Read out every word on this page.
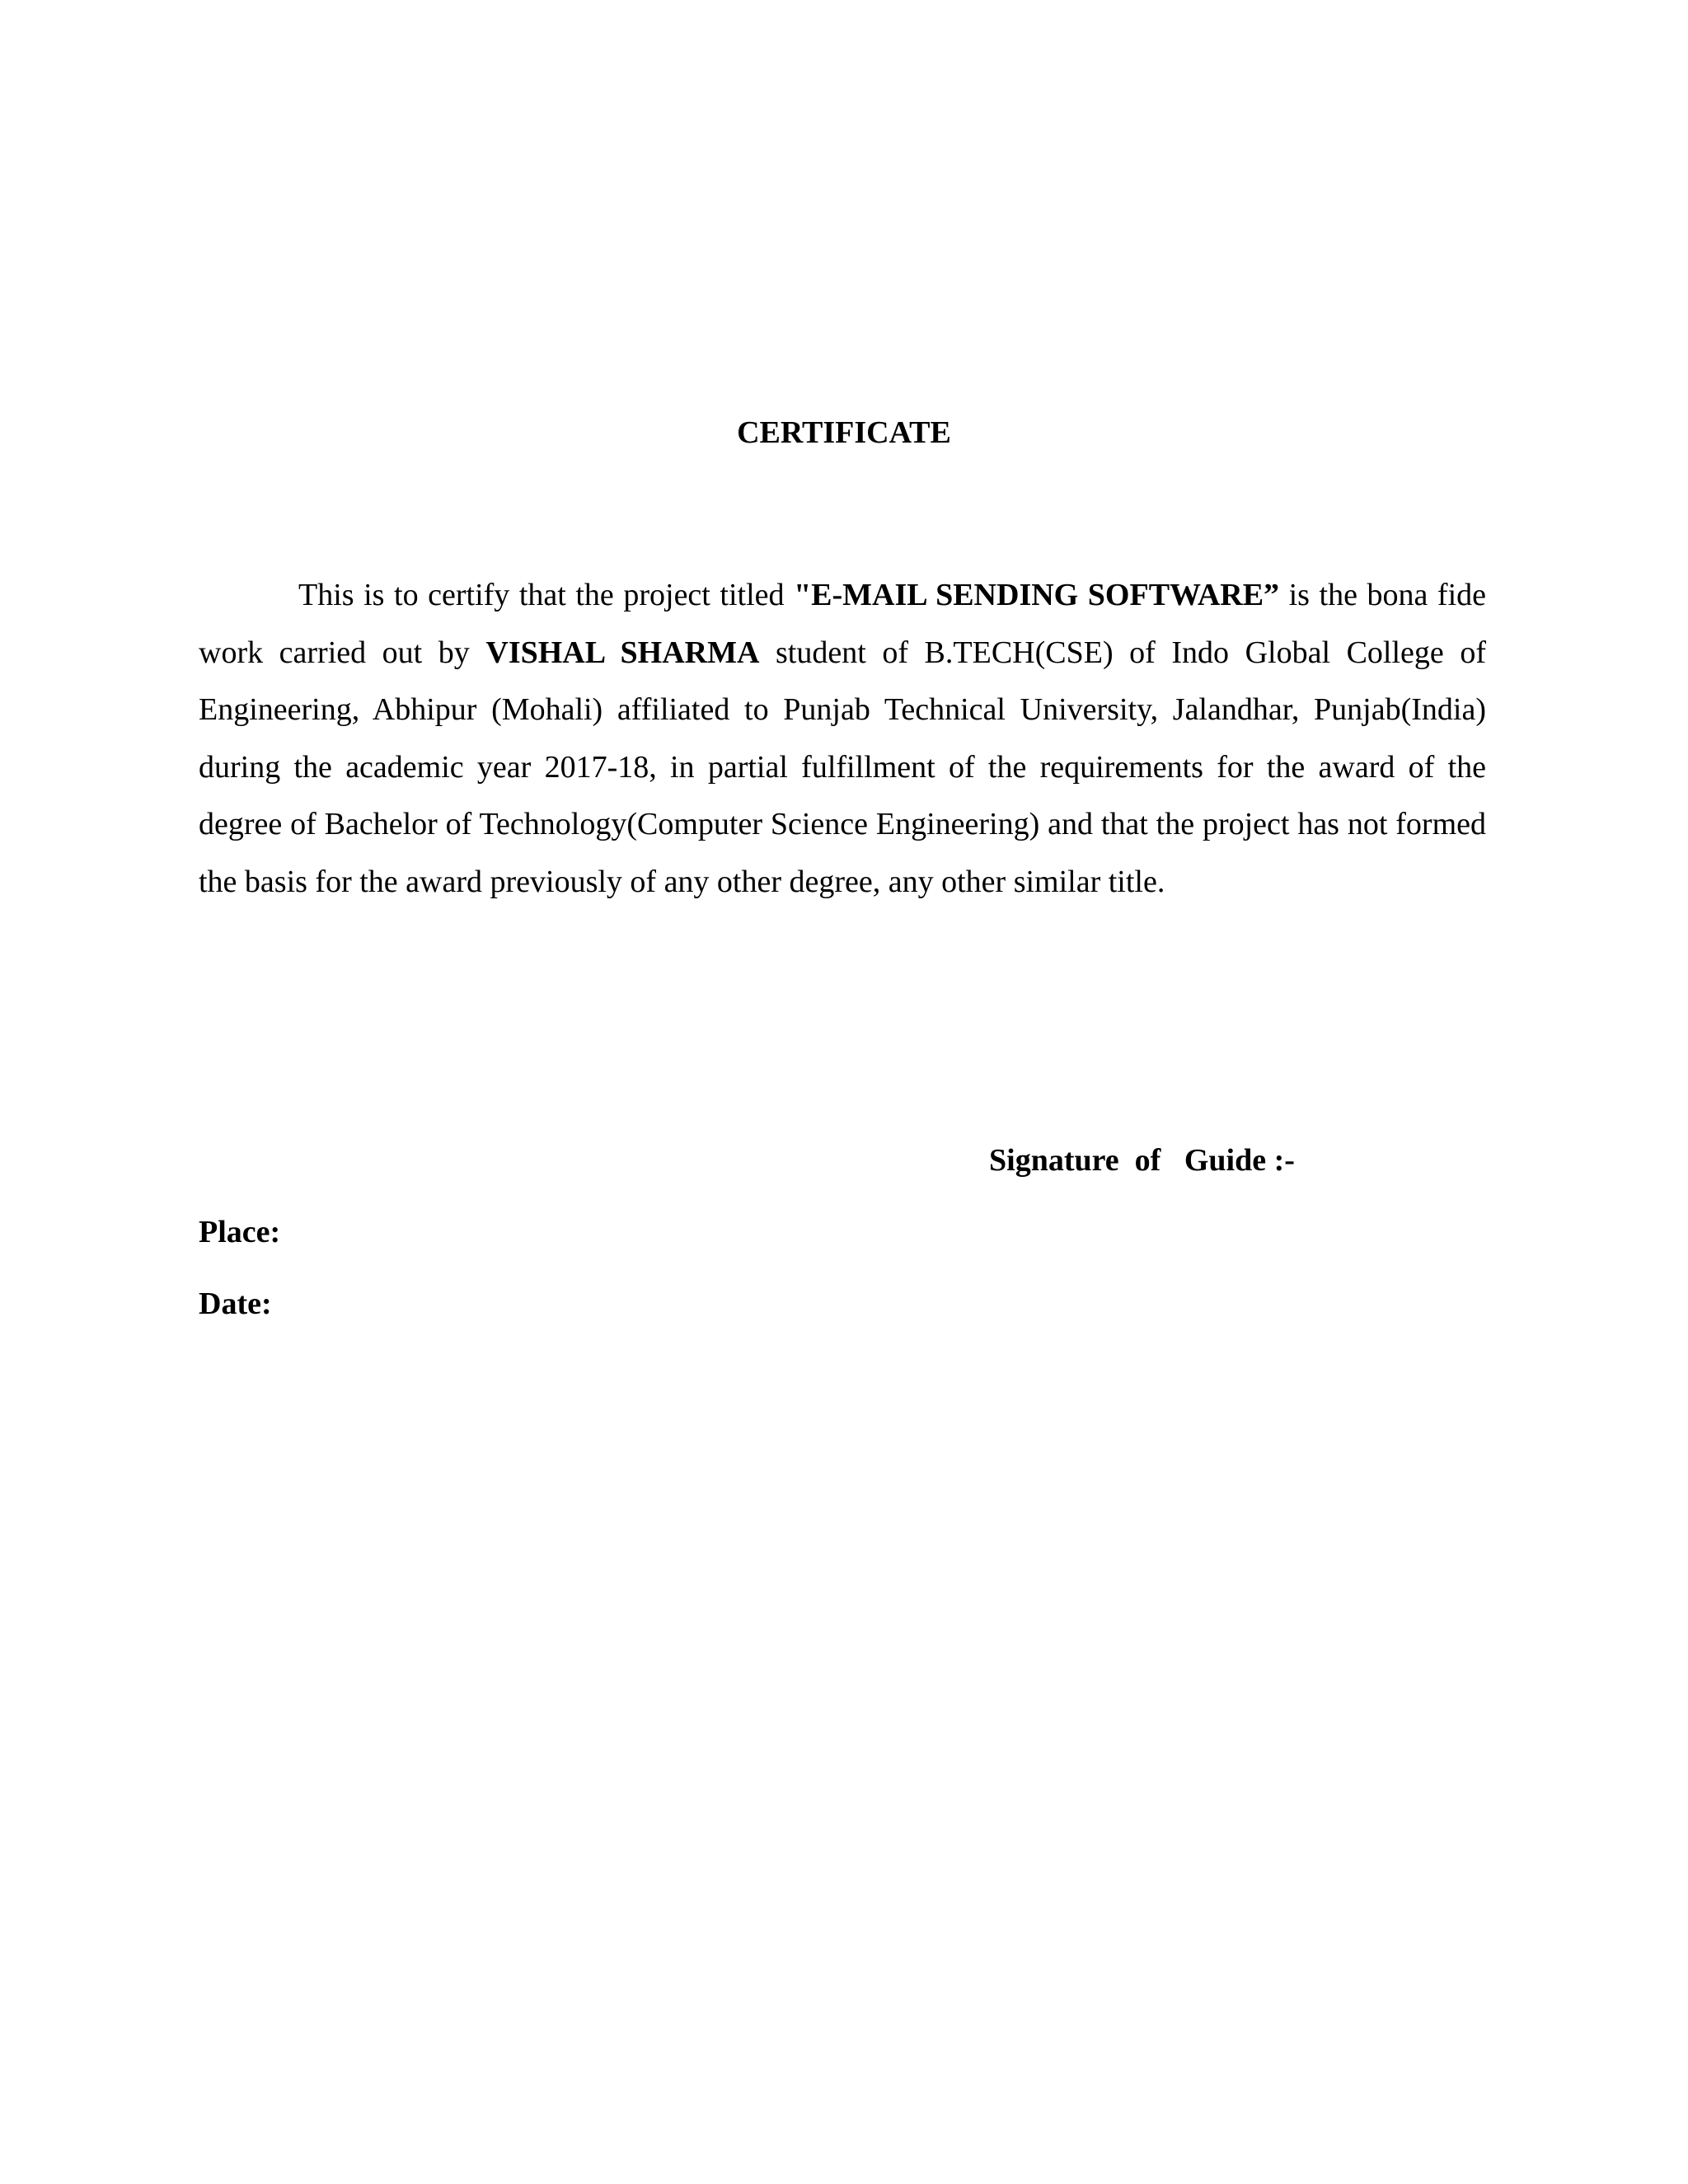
CERTIFICATE

This is to certify that the project titled "E-MAIL SENDING SOFTWARE” is the bona fide work carried out by VISHAL SHARMA student of B.TECH(CSE) of Indo Global College of Engineering, Abhipur (Mohali) affiliated to Punjab Technical University, Jalandhar, Punjab(India) during the academic year 2017-18, in partial fulfillment of the requirements for the award of the degree of Bachelor of Technology(Computer Science Engineering) and that the project has not formed the basis for the award previously of any other degree, any other similar title.

Signature  of   Guide :-
Place:
Date:
